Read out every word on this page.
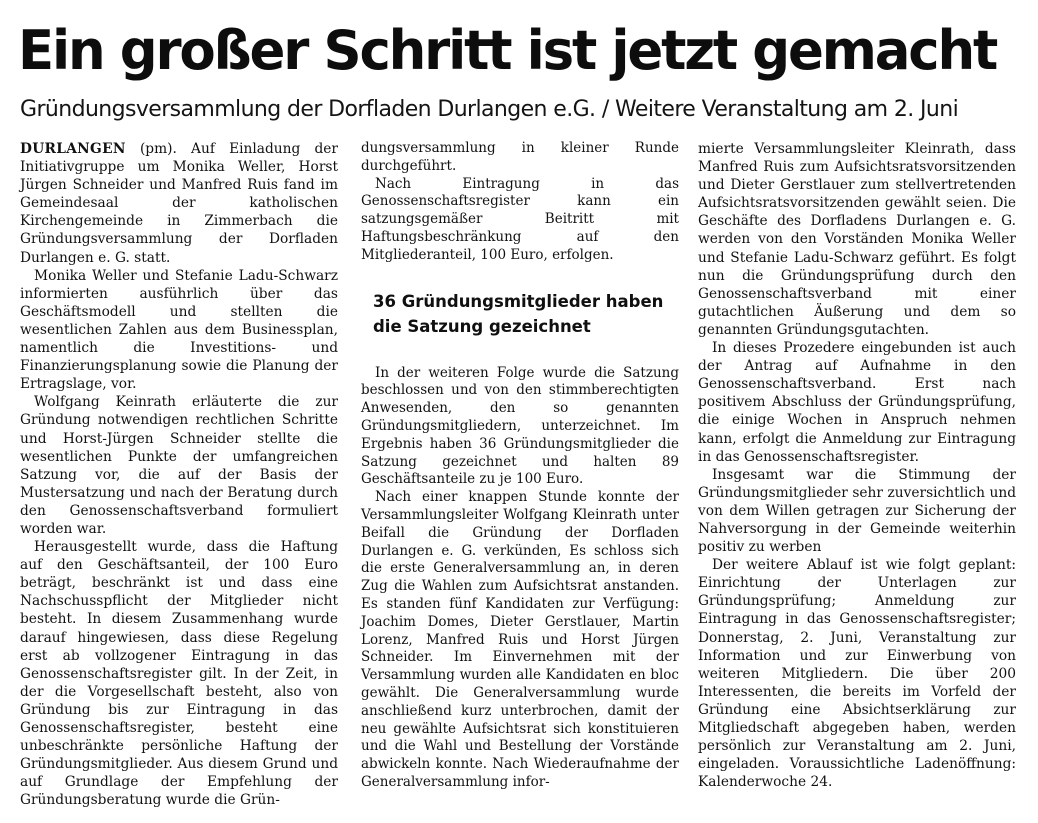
Ein großer Schritt ist jetzt gemacht
Gründungsversammlung der Dorfladen Durlangen e.G. / Weitere Veranstaltung am 2. Juni

DURLANGEN (pm). Auf Einladung der Initiativgruppe um Monika Weller, Horst Jürgen Schneider und Manfred Ruis fand im Gemeindesaal der katholischen Kirchengemeinde in Zimmerbach die Gründungsversammlung der Dorfladen Durlangen e. G. statt.

Monika Weller und Stefanie Ladu-Schwarz informierten ausführlich über das Geschäftsmodell und stellten die wesentlichen Zahlen aus dem Businessplan, namentlich die Investitions- und Finanzierungsplanung sowie die Planung der Ertragslage, vor.

Wolfgang Keinrath erläuterte die zur Gründung notwendigen rechtlichen Schritte und Horst-Jürgen Schneider stellte die wesentlichen Punkte der umfangreichen Satzung vor, die auf der Basis der Mustersatzung und nach der Beratung durch den Genossenschaftsverband formuliert worden war.

Herausgestellt wurde, dass die Haftung auf den Geschäftsanteil, der 100 Euro beträgt, beschränkt ist und dass eine Nachschusspflicht der Mitglieder nicht besteht. In diesem Zusammenhang wurde darauf hingewiesen, dass diese Regelung erst ab vollzogener Eintragung in das Genossenschaftsregister gilt. In der Zeit, in der die Vorgesellschaft besteht, also von Gründung bis zur Eintragung in das Genossenschaftsregister, besteht eine unbeschränkte persönliche Haftung der Gründungsmitglieder. Aus diesem Grund und auf Grundlage der Empfehlung der Gründungsberatung wurde die Grün-

dungsversammlung in kleiner Runde durchgeführt.

Nach Eintragung in das Genossenschaftsregister kann ein satzungsgemäßer Beitritt mit Haftungsbeschränkung auf den Mitgliederanteil, 100 Euro, erfolgen.

36 Gründungsmitglieder haben die Satzung gezeichnet

In der weiteren Folge wurde die Satzung beschlossen und von den stimmberechtigten Anwesenden, den so genannten Gründungsmitgliedern, unterzeichnet. Im Ergebnis haben 36 Gründungsmitglieder die Satzung gezeichnet und halten 89 Geschäftsanteile zu je 100 Euro.

Nach einer knappen Stunde konnte der Versammlungsleiter Wolfgang Kleinrath unter Beifall die Gründung der Dorfladen Durlangen e. G. verkünden, Es schloss sich die erste Generalversammlung an, in deren Zug die Wahlen zum Aufsichtsrat anstanden. Es standen fünf Kandidaten zur Verfügung: Joachim Domes, Dieter Gerstlauer, Martin Lorenz, Manfred Ruis und Horst Jürgen Schneider. Im Einvernehmen mit der Versammlung wurden alle Kandidaten en bloc gewählt. Die Generalversammlung wurde anschließend kurz unterbrochen, damit der neu gewählte Aufsichtsrat sich konstituieren und die Wahl und Bestellung der Vorstände abwickeln konnte. Nach Wiederaufnahme der Generalversammlung infor-

mierte Versammlungsleiter Kleinrath, dass Manfred Ruis zum Aufsichtsratsvorsitzenden und Dieter Gerstlauer zum stellvertretenden Aufsichtsratsvorsitzenden gewählt seien. Die Geschäfte des Dorfladens Durlangen e. G. werden von den Vorständen Monika Weller und Stefanie Ladu-Schwarz geführt. Es folgt nun die Gründungsprüfung durch den Genossenschaftsverband mit einer gutachtlichen Äußerung und dem so genannten Gründungsgutachten.

In dieses Prozedere eingebunden ist auch der Antrag auf Aufnahme in den Genossenschaftsverband. Erst nach positivem Abschluss der Gründungsprüfung, die einige Wochen in Anspruch nehmen kann, erfolgt die Anmeldung zur Eintragung in das Genossenschaftsregister.

Insgesamt war die Stimmung der Gründungsmitglieder sehr zuversichtlich und von dem Willen getragen zur Sicherung der Nahversorgung in der Gemeinde weiterhin positiv zu werben

Der weitere Ablauf ist wie folgt geplant: Einrichtung der Unterlagen zur Gründungsprüfung; Anmeldung zur Eintragung in das Genossenschaftsregister; Donnerstag, 2. Juni, Veranstaltung zur Information und zur Einwerbung von weiteren Mitgliedern. Die über 200 Interessenten, die bereits im Vorfeld der Gründung eine Absichtserklärung zur Mitgliedschaft abgegeben haben, werden persönlich zur Veranstaltung am 2. Juni, eingeladen. Voraussichtliche Ladenöffnung: Kalenderwoche 24.
